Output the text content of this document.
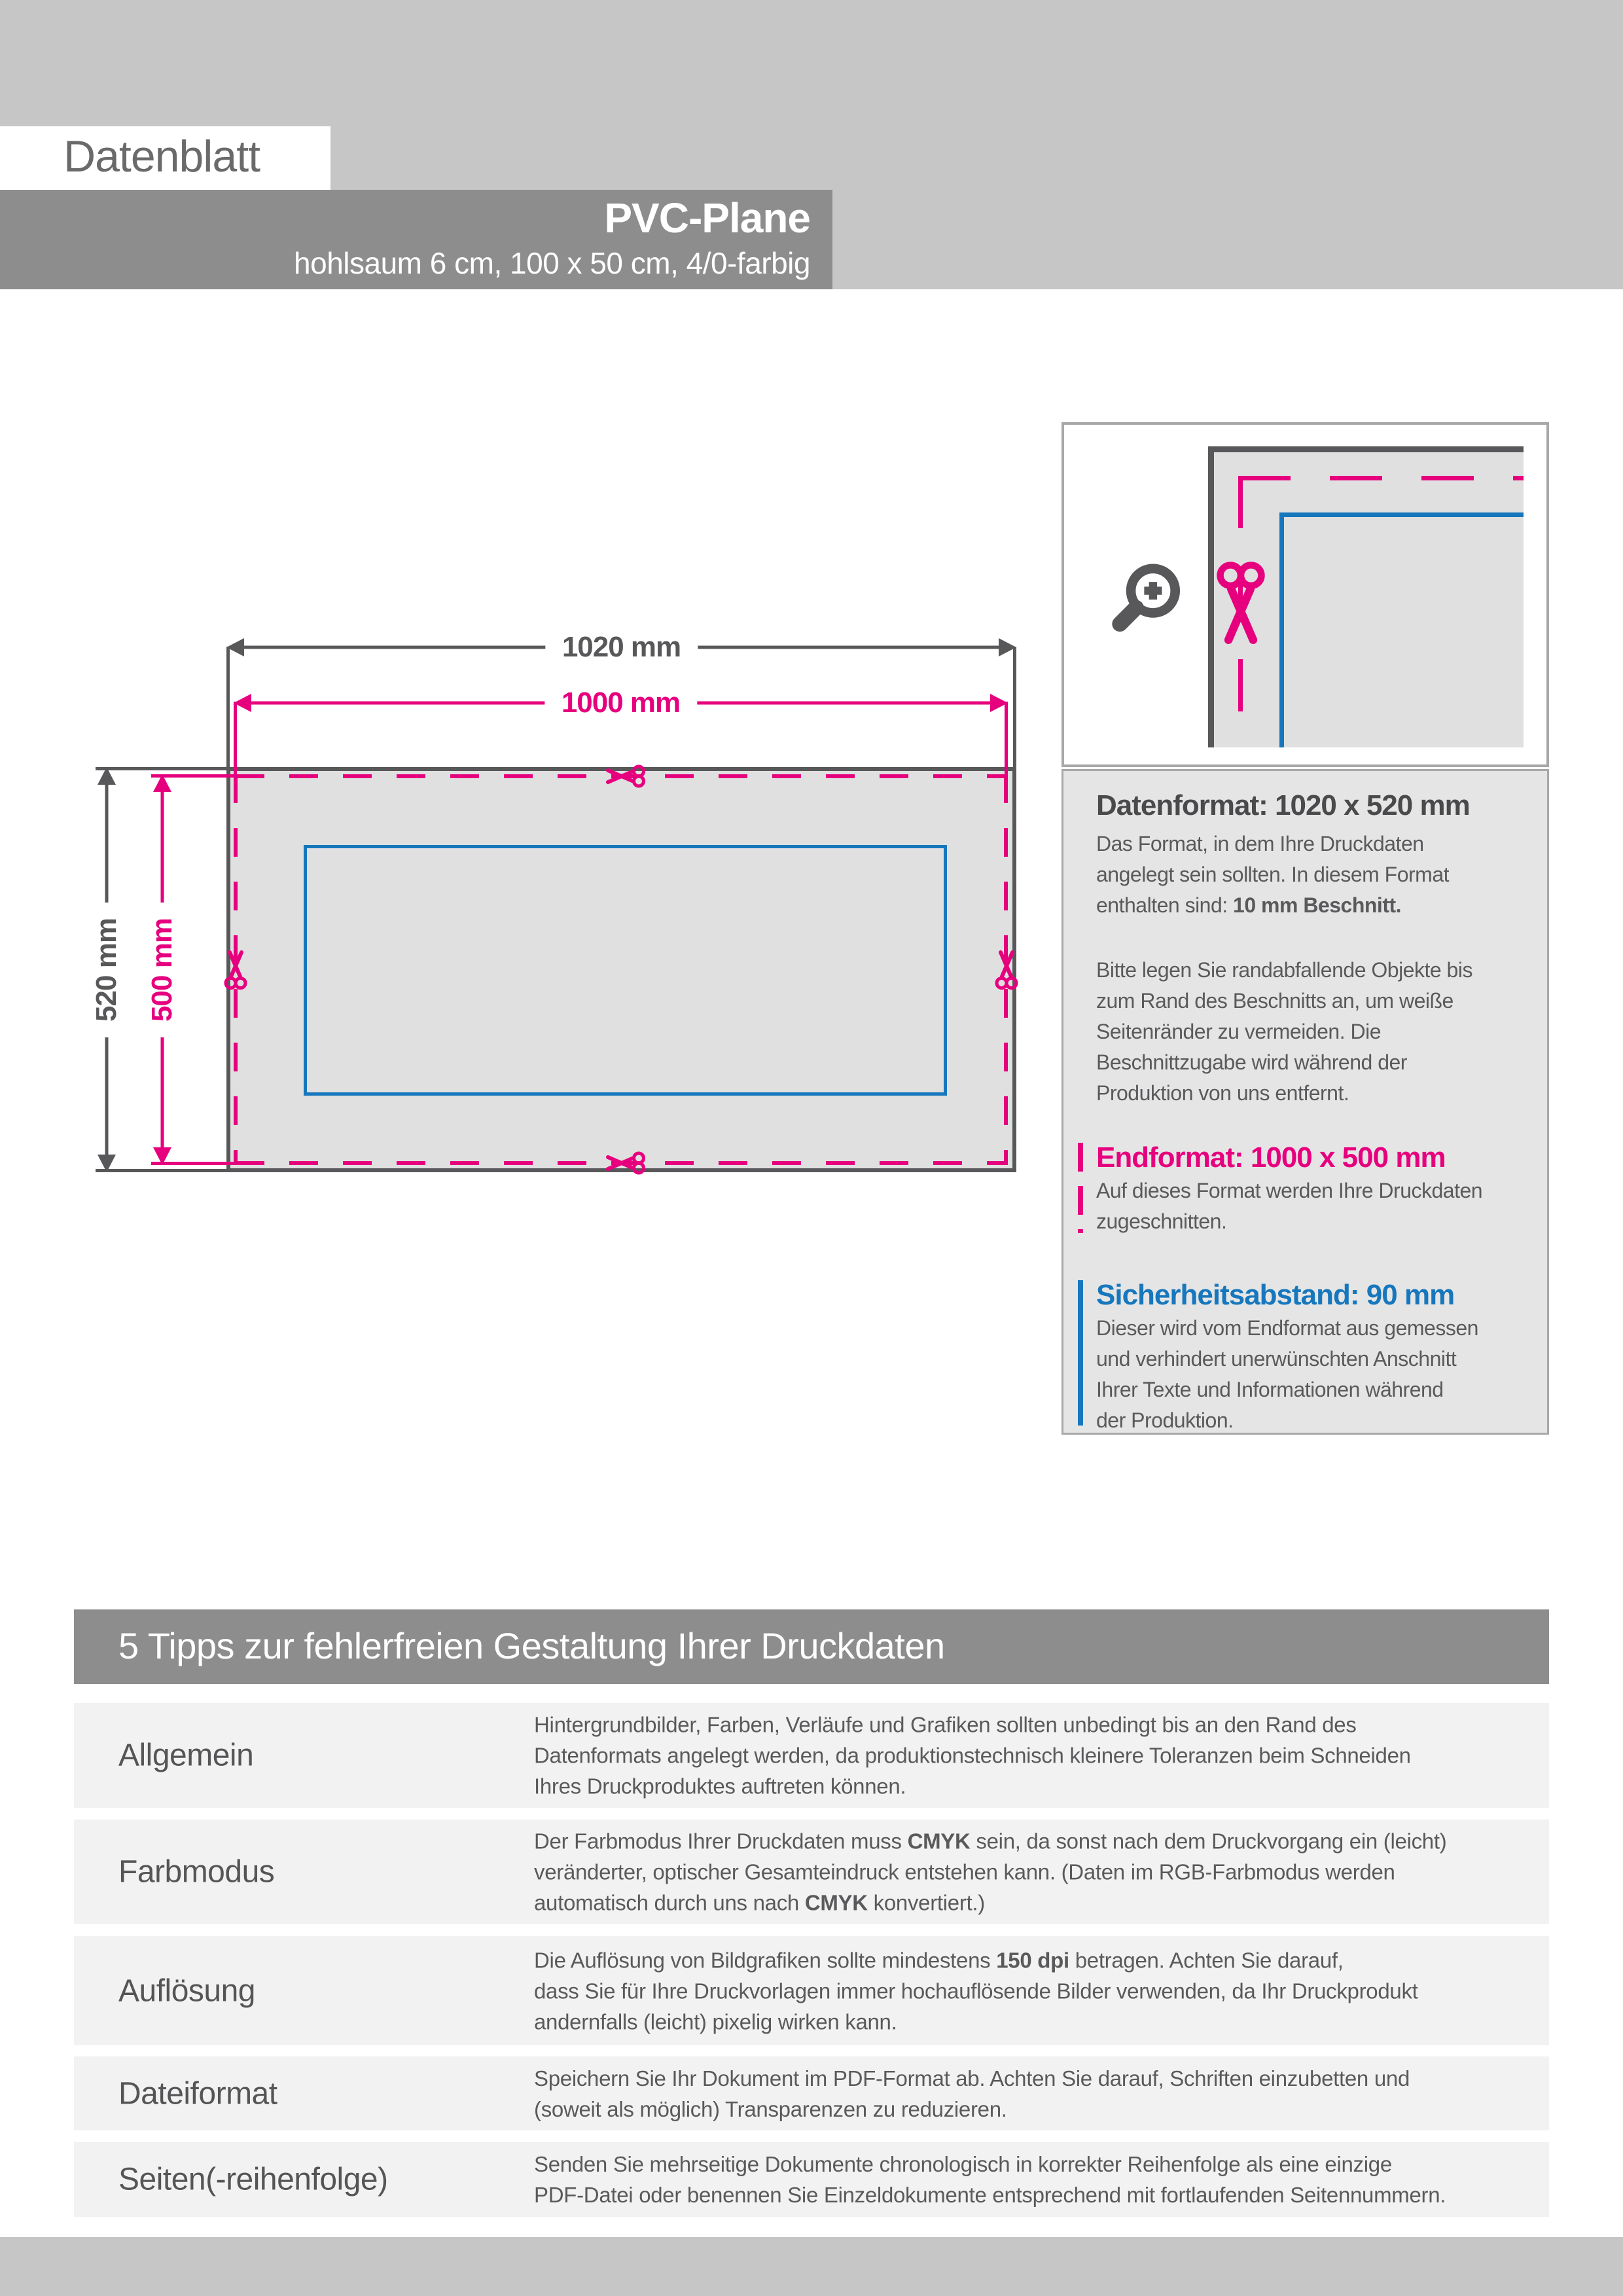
Datenblatt
PVC-Plane
hohlsaum 6 cm, 100 x 50 cm, 4/0-farbig
1020 mm
1000 mm
520 mm 500 mm
Datenformat: 1020 x 520 mm
Das Format, in dem Ihre Druckdaten
angelegt sein sollten. In diesem Format
enthalten sind: 10 mm Beschnitt.
Bitte legen Sie randabfallende Objekte bis
zum Rand des Beschnitts an, um weiße
Seitenränder zu vermeiden. Die
Beschnittzugabe wird während der
Produktion von uns entfernt.
Endformat: 1000 x 500 mm
Auf dieses Format werden Ihre Druckdaten
zugeschnitten.
Sicherheitsabstand: 90 mm
Dieser wird vom Endformat aus gemessen
und verhindert unerwünschten Anschnitt
Ihrer Texte und Informationen während
der Produktion.
5 Tipps zur fehlerfreien Gestaltung Ihrer Druckdaten
Allgemein
Hintergrundbilder, Farben, Verläufe und Grafiken sollten unbedingt bis an den Rand des
Datenformats angelegt werden, da produktionstechnisch kleinere Toleranzen beim Schneiden
Ihres Druckproduktes auftreten können.
Farbmodus
Der Farbmodus Ihrer Druckdaten muss CMYK sein, da sonst nach dem Druckvorgang ein (leicht)
veränderter, optischer Gesamteindruck entstehen kann. (Daten im RGB-Farbmodus werden
automatisch durch uns nach CMYK konvertiert.)
Auflösung
Die Auflösung von Bildgrafiken sollte mindestens 150 dpi betragen. Achten Sie darauf,
dass Sie für Ihre Druckvorlagen immer hochauflösende Bilder verwenden, da Ihr Druckprodukt
andernfalls (leicht) pixelig wirken kann.
Dateiformat	Speichern Sie Ihr Dokument im PDF-Format ab. Achten Sie darauf, Schriften einzubetten und
(soweit als möglich) Transparenzen zu reduzieren.
Seiten(-reihenfolge)	Senden Sie mehrseitige Dokumente chronologisch in korrekter Reihenfolge als eine einzige
PDF-Datei oder benennen Sie Einzeldokumente entsprechend mit fortlaufenden Seitennummern.
